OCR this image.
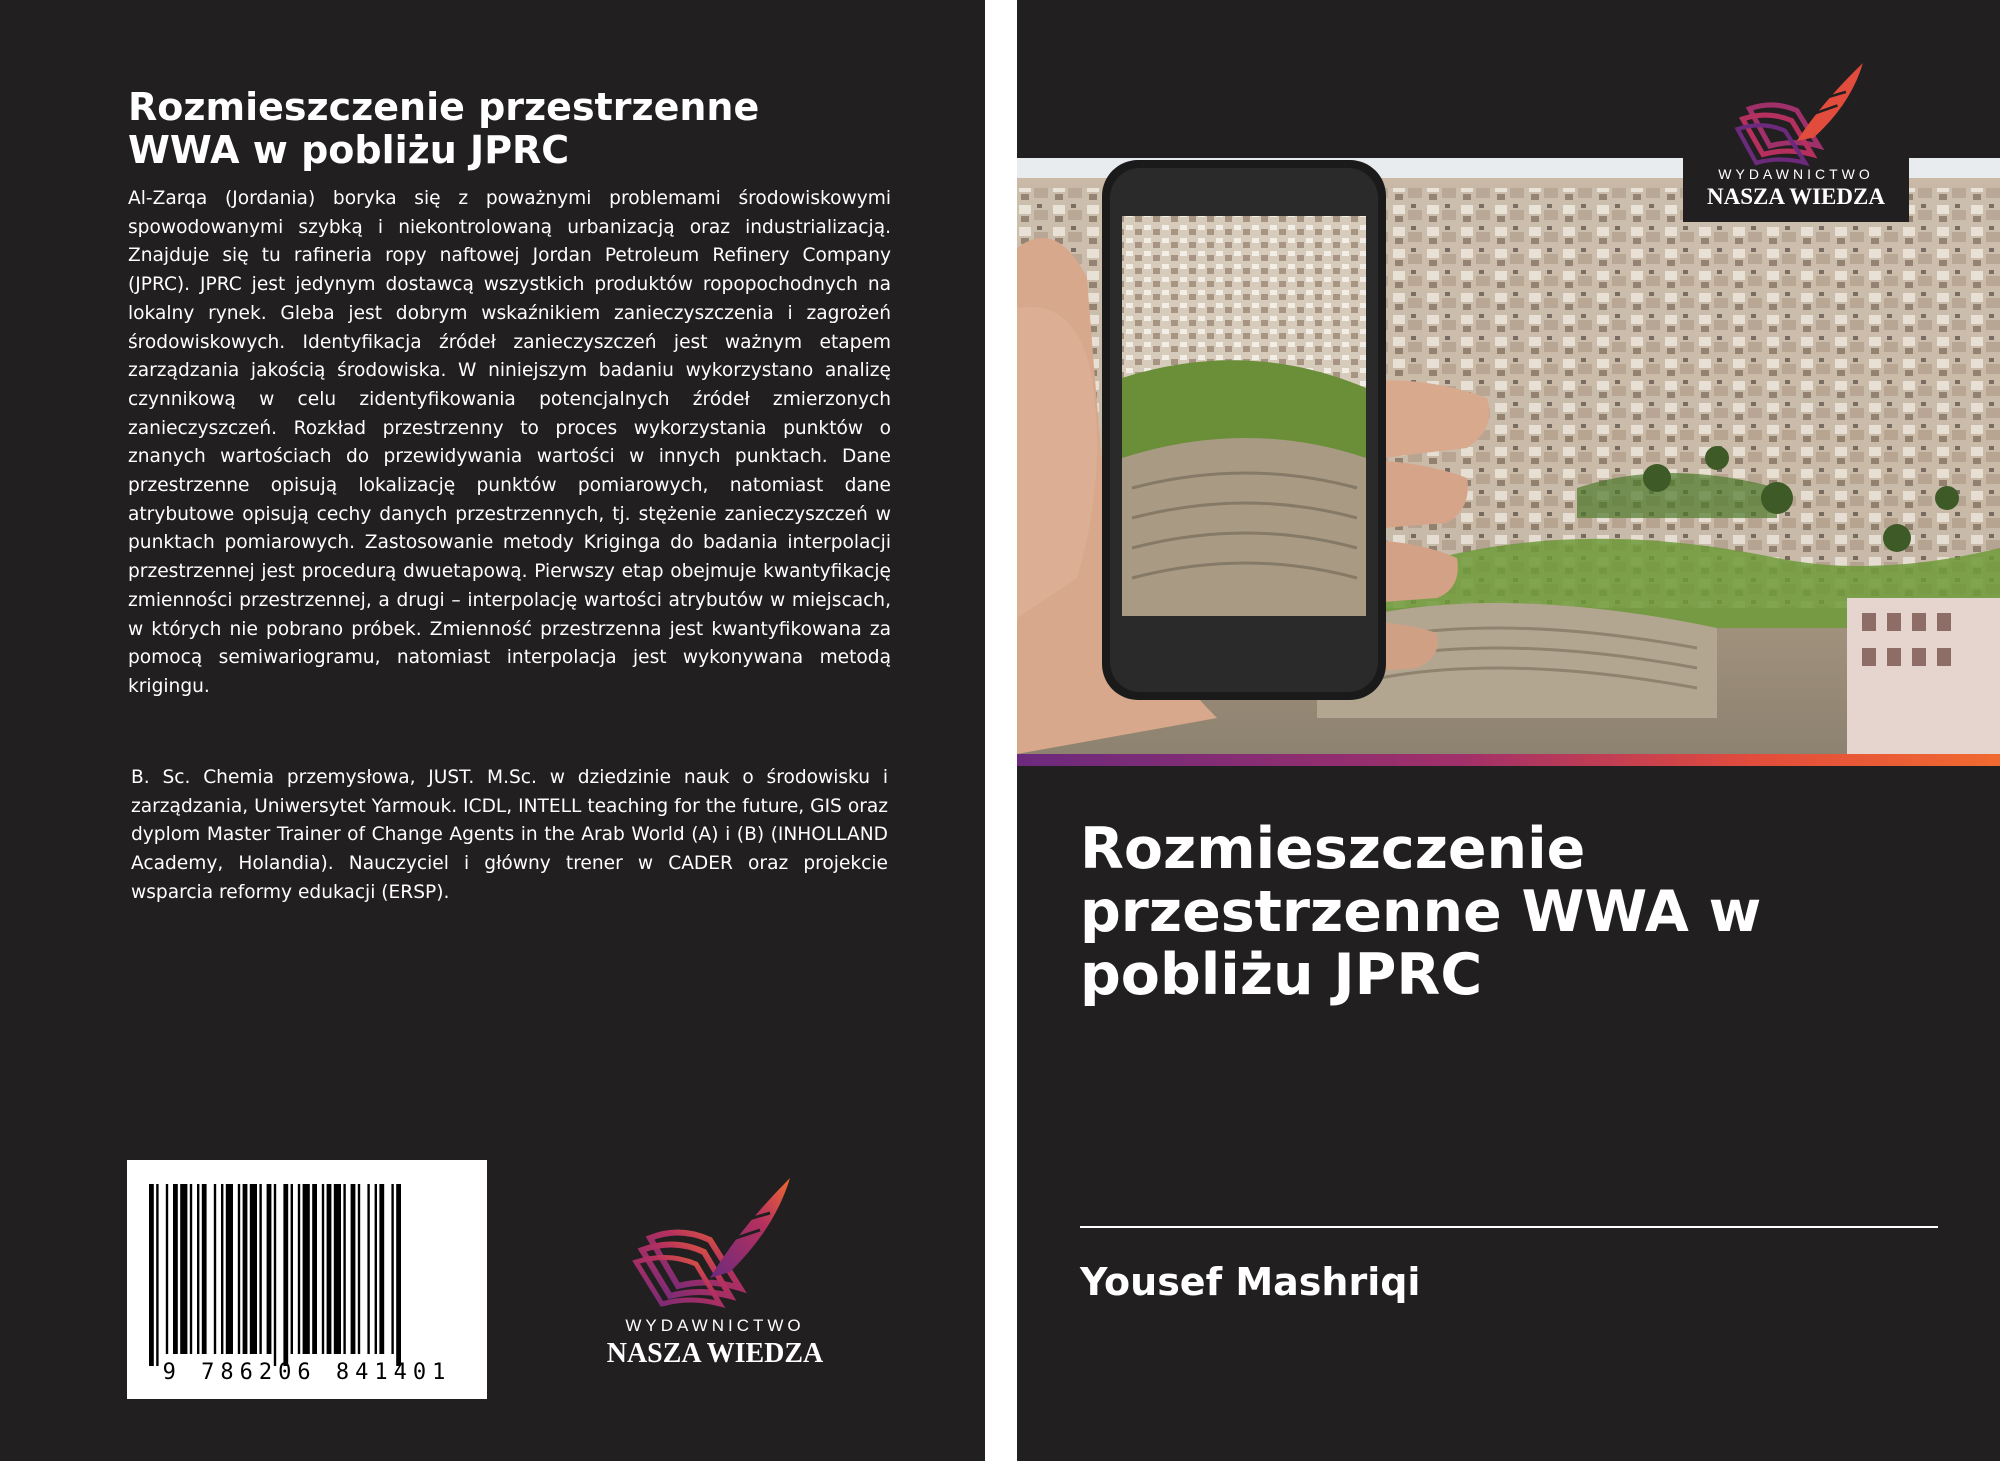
Rozmieszczenie przestrzenne
WWA w pobliżu JPRC
Al-Zarqa (Jordania) boryka się z poważnymi problemami środowiskowymi spowodowanymi szybką i niekontrolowaną urbanizacją oraz industrializacją. Znajduje się tu rafineria ropy naftowej Jordan Petroleum Refinery Company (JPRC). JPRC jest jedynym dostawcą wszystkich produktów ropopochodnych na lokalny rynek. Gleba jest dobrym wskaźnikiem zanieczyszczenia i zagrożeń środowiskowych. Identyfikacja źródeł zanieczyszczeń jest ważnym etapem zarządzania jakością środowiska. W niniejszym badaniu wykorzystano analizę czynnikową w celu zidentyfikowania potencjalnych źródeł zmierzonych zanieczyszczeń. Rozkład przestrzenny to proces wykorzystania punktów o znanych wartościach do przewidywania wartości w innych punktach. Dane przestrzenne opisują lokalizację punktów pomiarowych, natomiast dane atrybutowe opisują cechy danych przestrzennych, tj. stężenie zanieczyszczeń w punktach pomiarowych. Zastosowanie metody Kriginga do badania interpolacji przestrzennej jest procedurą dwuetapową. Pierwszy etap obejmuje kwantyfikację zmienności przestrzennej, a drugi – interpolację wartości atrybutów w miejscach, w których nie pobrano próbek. Zmienność przestrzenna jest kwantyfikowana za pomocą semiwariogramu, natomiast interpolacja jest wykonywana metodą krigingu.
B. Sc. Chemia przemysłowa, JUST. M.Sc. w dziedzinie nauk o środowisku i zarządzania, Uniwersytet Yarmouk. ICDL, INTELL teaching for the future, GIS oraz dyplom Master Trainer of Change Agents in the Arab World (A) i (B) (INHOLLAND Academy, Holandia). Nauczyciel i główny trener w CADER oraz projekcie wsparcia reformy edukacji (ERSP).
9 786206 841401
WYDAWNICTWO
NASZA WIEDZA
WYDAWNICTWO
NASZA WIEDZA
Rozmieszczenie
przestrzenne WWA w
pobliżu JPRC
Yousef Mashriqi
